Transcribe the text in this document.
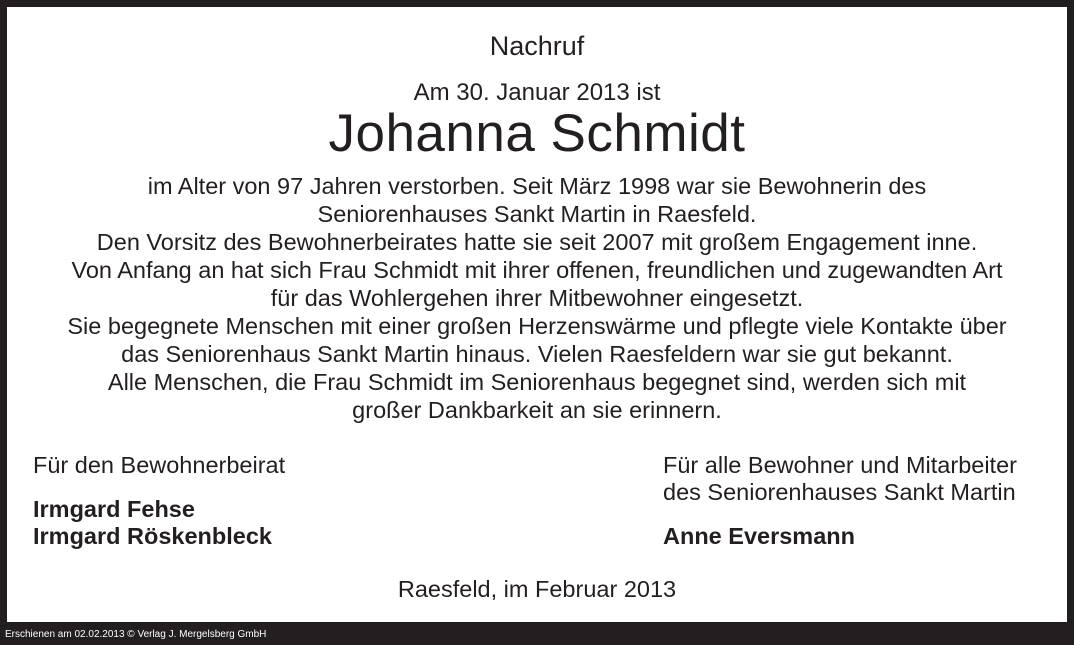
Nachruf
Am 30. Januar 2013 ist
Johanna Schmidt
im Alter von 97 Jahren verstorben. Seit März 1998 war sie Bewohnerin des
Seniorenhauses Sankt Martin in Raesfeld.
Den Vorsitz des Bewohnerbeirates hatte sie seit 2007 mit großem Engagement inne.
Von Anfang an hat sich Frau Schmidt mit ihrer offenen, freundlichen und zugewandten Art
für das Wohlergehen ihrer Mitbewohner eingesetzt.
Sie begegnete Menschen mit einer großen Herzenswärme und pflegte viele Kontakte über
das Seniorenhaus Sankt Martin hinaus. Vielen Raesfeldern war sie gut bekannt.
Alle Menschen, die Frau Schmidt im Seniorenhaus begegnet sind, werden sich mit
großer Dankbarkeit an sie erinnern.
Für den Bewohnerbeirat
Irmgard Fehse
Irmgard Röskenbleck
Für alle Bewohner und Mitarbeiter
des Seniorenhauses Sankt Martin
Anne Eversmann
Raesfeld, im Februar 2013
Erschienen am 02.02.2013 © Verlag J. Mergelsberg GmbH
